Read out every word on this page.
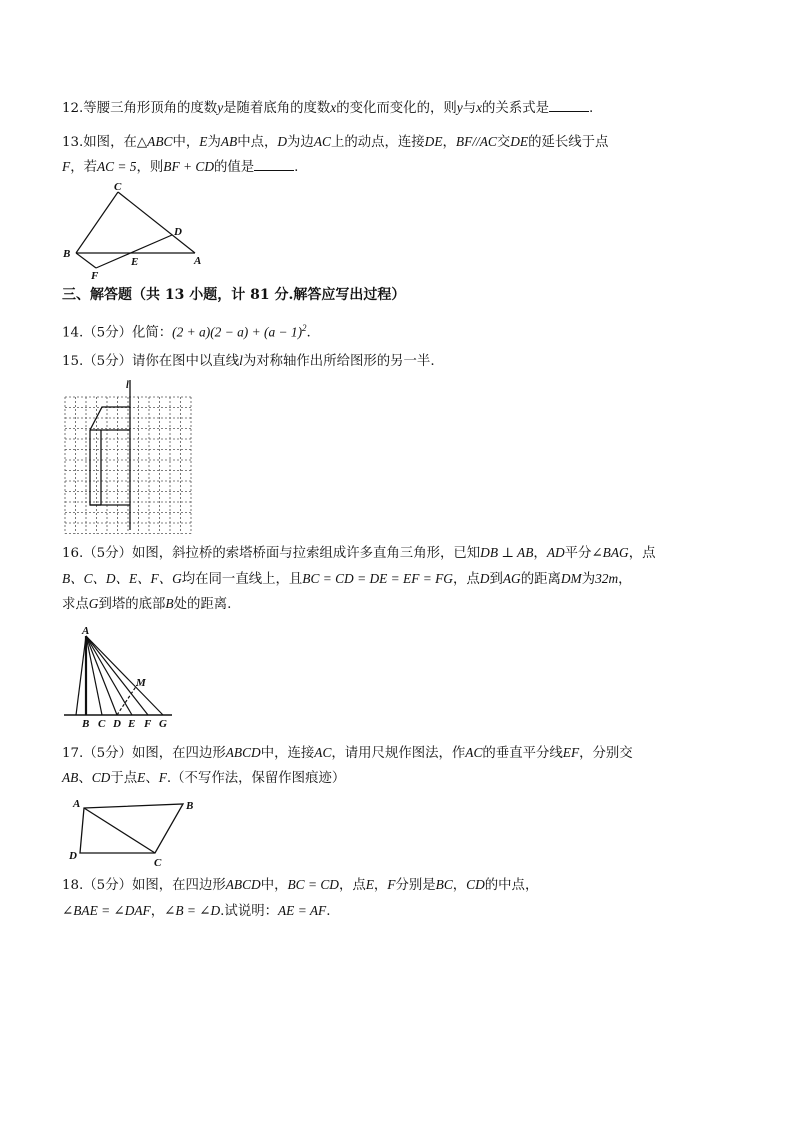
12.等腰三角形顶角的度数y是随着底角的度数x的变化而变化的，则y与x的关系式是	.
13.如图，在△ABC中，E为AB中点，D为边AC上的动点，连接DE，BF//AC交DE的延长线于点
F，若AC = 5，则BF + CD的值是	.
C
D
B
E	A
F
三、解答题（共 13 小题，计 81 分.解答应写出过程）
14.（5分）化简：$(2 + a)(2 - a) + (a - 1)^2$.
15.（5分）请你在图中以直线l为对称轴作出所给图形的另一半.
l
16.（5分）如图，斜拉桥的索塔桥面与拉索组成许多直角三角形，已知DB ⊥ AB，AD平分∠BAG，点
B、C、D、E、F、G均在同一直线上，且BC = CD = DE = EF = FG，点D到AG的距离DM为32m，
求点G到塔的底部B处的距离.
A
M
B C D E F G
17.（5分）如图，在四边形ABCD中，连接AC，请用尺规作图法，作AC的垂直平分线EF，分别交
AB、CD于点E、F.（不写作法，保留作图痕迹）
A	B
D
C
18.（5分）如图，在四边形ABCD中，BC = CD，点E，F分别是BC，CD的中点，
∠BAE = ∠DAF，∠B = ∠D.试说明：AE = AF.
